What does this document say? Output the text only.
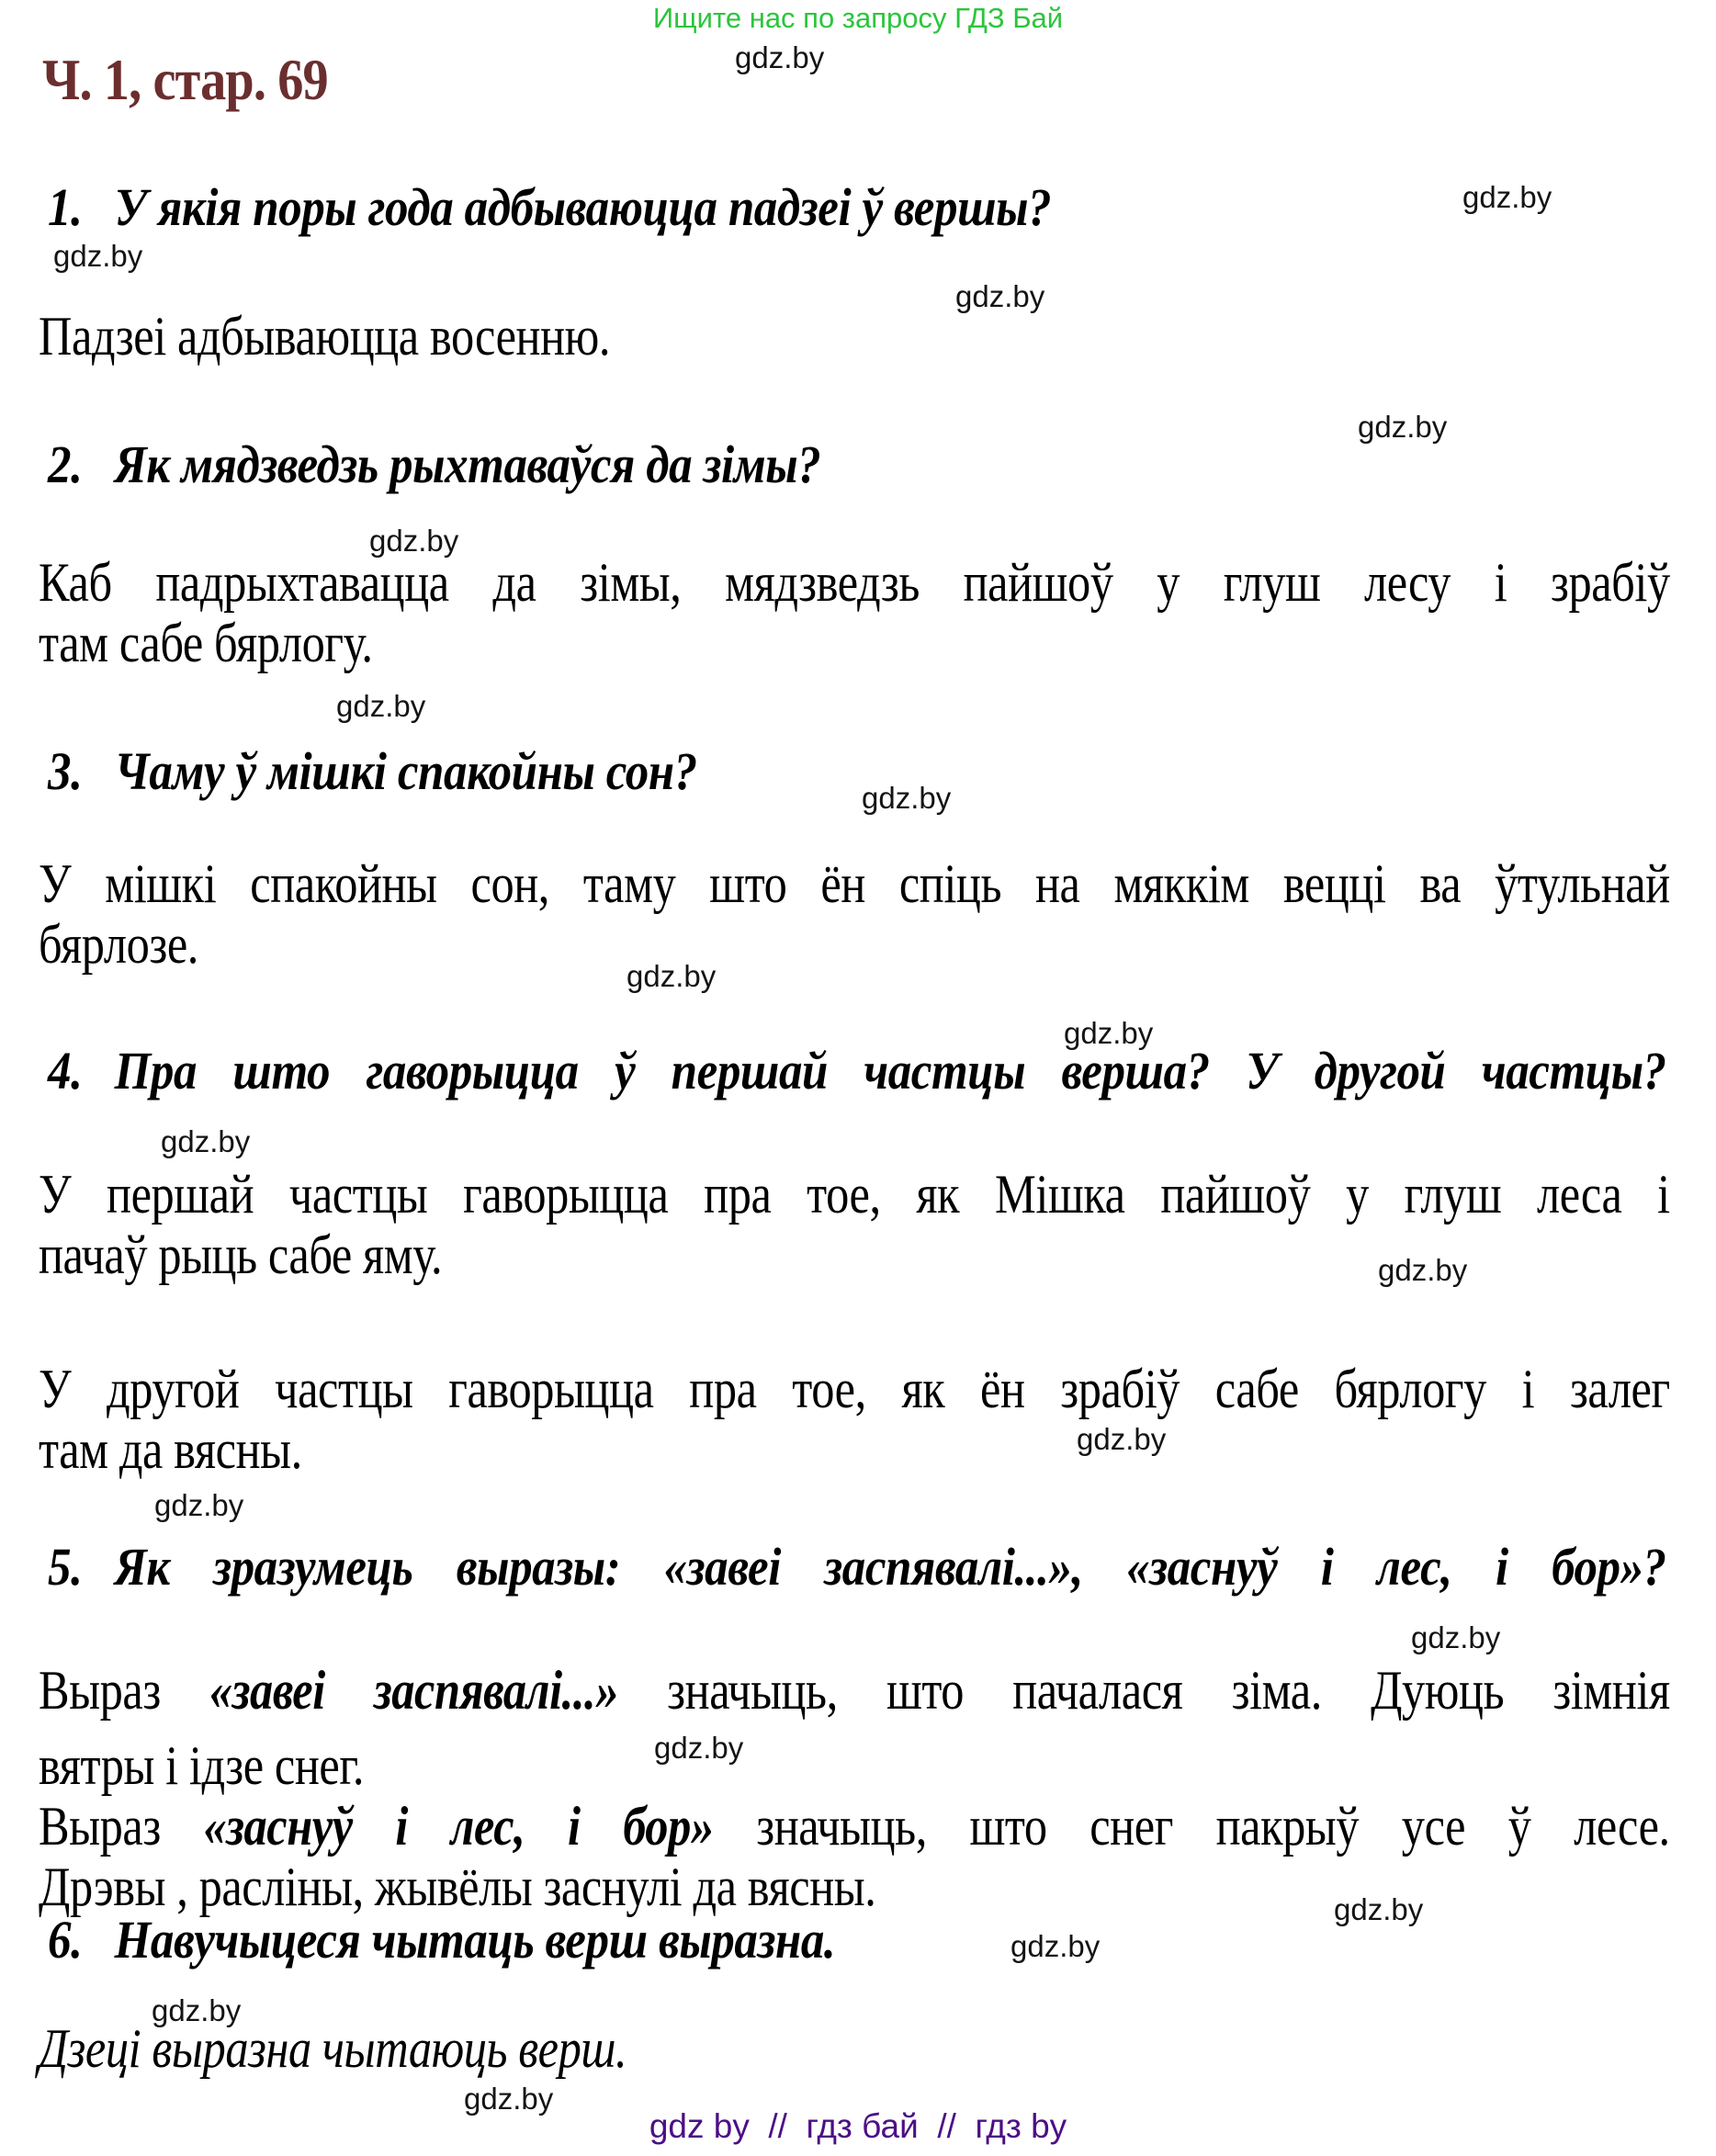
Ищите нас по запросу ГДЗ Бай
Ч. 1, стар. 69	gdz.by
gdz.by
gdz.by
gdz.by
gdz.by
gdz.by
gdz.by
gdz.by
gdz.by
gdz.by
gdz.by
gdz.by
gdz.by
gdz.by
gdz.by
gdz.by
gdz.by
gdz.by
gdz.by
gdz.by
1. У якія поры года адбываюцца падзеі ў вершы?
Падзеі адбываюцца восенню.
2. Як мядзведзь рыхтаваўся да зімы?
Каб падрыхтавацца да зімы, мядзведзь пайшоў у глуш лесу і зрабіў
там сабе бярлогу.
3. Чаму ў мішкі спакойны сон?
У мішкі спакойны сон, таму што ён спіць на мяккім вецці ва ўтульнай
бярлозе.
4. Пра што гаворыцца ў першай частцы верша? У другой частцы?
У першай частцы гаворыцца пра тое, як Мішка пайшоў у глуш леса і
пачаў рыць сабе яму.
У другой частцы гаворыцца пра тое, як ён зрабіў сабе бярлогу і залег
там да вясны.
5. Як зразумець выразы: «завеі заспявалі...», «заснуў і лес, і бор»?
Выраз «завеі заспявалі...» значыць, што пачалася зіма. Дуюць зімнія
вятры і ідзе снег.
Выраз «заснуў і лес, і бор» значыць, што снег пакрыў усе ў лесе.
Дрэвы , расліны, жывёлы заснулі да вясны.
6. Навучыцеся чытаць верш выразна.
Дзеці выразна чытаюць верш.
gdz by  //  гдз бай  //  гдз by
